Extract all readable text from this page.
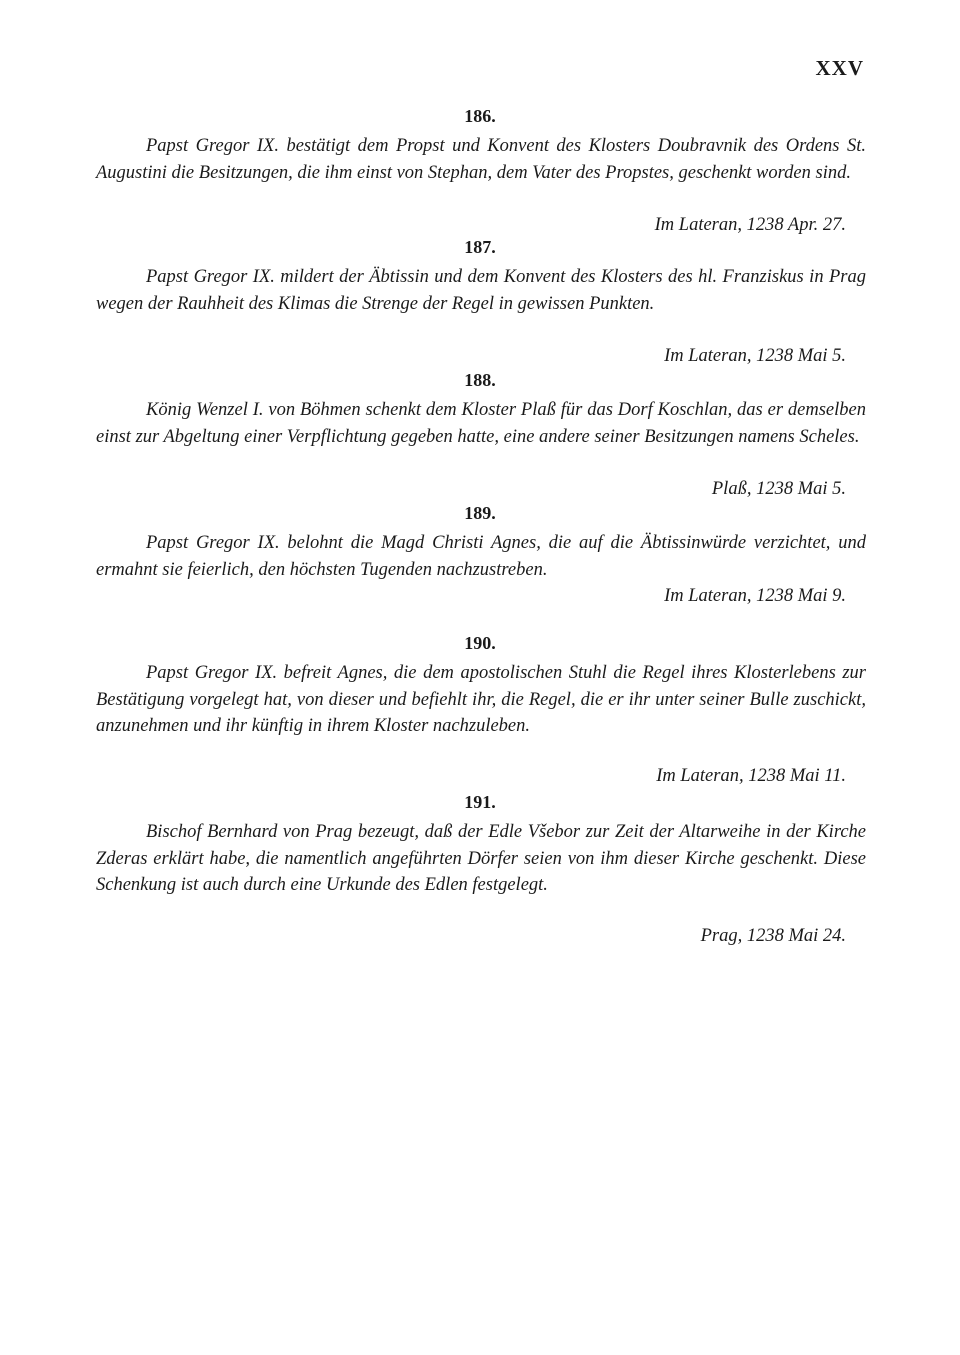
XXV
186.

Papst Gregor IX. bestätigt dem Propst und Konvent des Klosters Doubravnik des Ordens St. Augustini die Besitzungen, die ihm einst von Stephan, dem Vater des Propstes, geschenkt worden sind.

Im Lateran, 1238 Apr. 27.
187.

Papst Gregor IX. mildert der Äbtissin und dem Konvent des Klosters des hl. Franziskus in Prag wegen der Rauhheit des Klimas die Strenge der Regel in gewissen Punkten.

Im Lateran, 1238 Mai 5.
188.

König Wenzel I. von Böhmen schenkt dem Kloster Plaß für das Dorf Koschlan, das er demselben einst zur Abgeltung einer Verpflichtung gegeben hatte, eine andere seiner Besitzungen namens Scheles.

Plaß, 1238 Mai 5.
189.

Papst Gregor IX. belohnt die Magd Christi Agnes, die auf die Äbtissinwürde verzichtet, und ermahnt sie feierlich, den höchsten Tugenden nachzustreben.

Im Lateran, 1238 Mai 9.
190.

Papst Gregor IX. befreit Agnes, die dem apostolischen Stuhl die Regel ihres Klosterlebens zur Bestätigung vorgelegt hat, von dieser und befiehlt ihr, die Regel, die er ihr unter seiner Bulle zuschickt, anzunehmen und ihr künftig in ihrem Kloster nachzuleben.

Im Lateran, 1238 Mai 11.
191.

Bischof Bernhard von Prag bezeugt, daß der Edle Všebor zur Zeit der Altarweihe in der Kirche Zderas erklärt habe, die namentlich angeführten Dörfer seien von ihm dieser Kirche geschenkt. Diese Schenkung ist auch durch eine Urkunde des Edlen festgelegt.

Prag, 1238 Mai 24.
